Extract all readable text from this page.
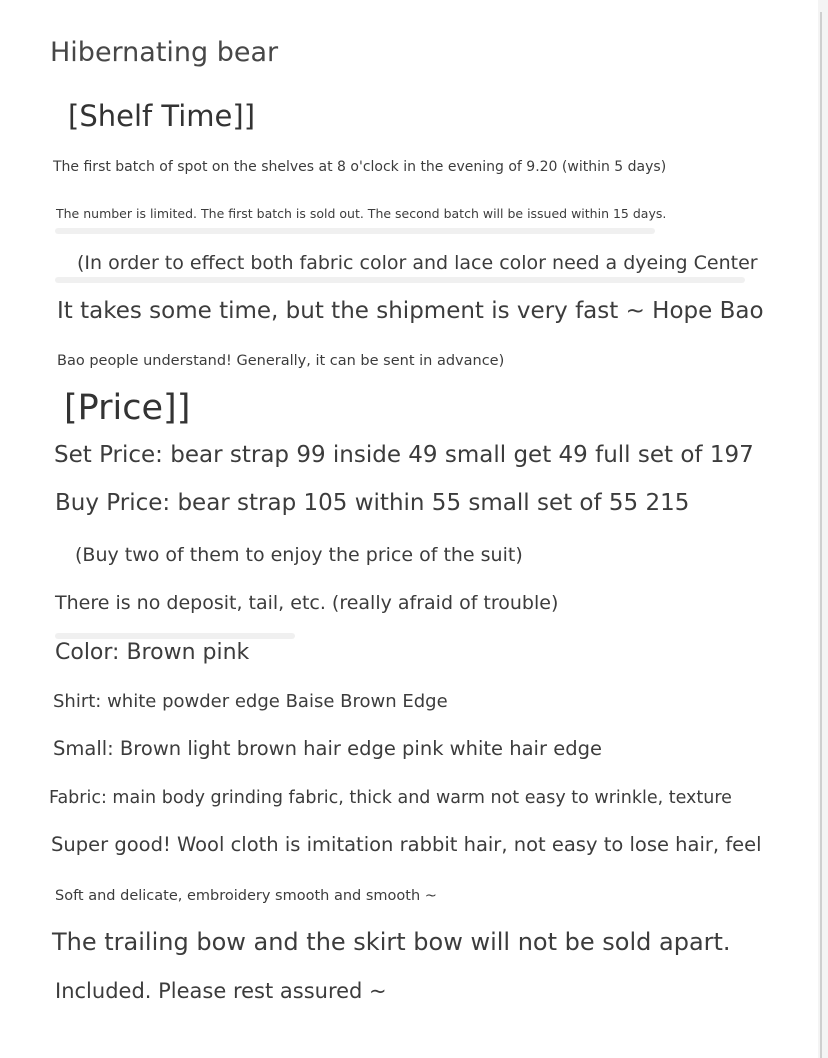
Hibernating bear
[Shelf Time]]
The first batch of spot on the shelves at 8 o'clock in the evening of 9.20 (within 5 days)
The number is limited. The first batch is sold out. The second batch will be issued within 15 days.
(In order to effect both fabric color and lace color need a dyeing Center
It takes some time, but the shipment is very fast ~ Hope Bao
Bao people understand! Generally, it can be sent in advance)
[Price]]
Set Price: bear strap 99 inside 49 small get 49 full set of 197
Buy Price: bear strap 105 within 55 small set of 55 215
(Buy two of them to enjoy the price of the suit)
There is no deposit, tail, etc. (really afraid of trouble)
Color: Brown pink
Shirt: white powder edge Baise Brown Edge
Small: Brown light brown hair edge pink white hair edge
Fabric: main body grinding fabric, thick and warm not easy to wrinkle, texture
Super good! Wool cloth is imitation rabbit hair, not easy to lose hair, feel
Soft and delicate, embroidery smooth and smooth ~
The trailing bow and the skirt bow will not be sold apart.
Included. Please rest assured ~
